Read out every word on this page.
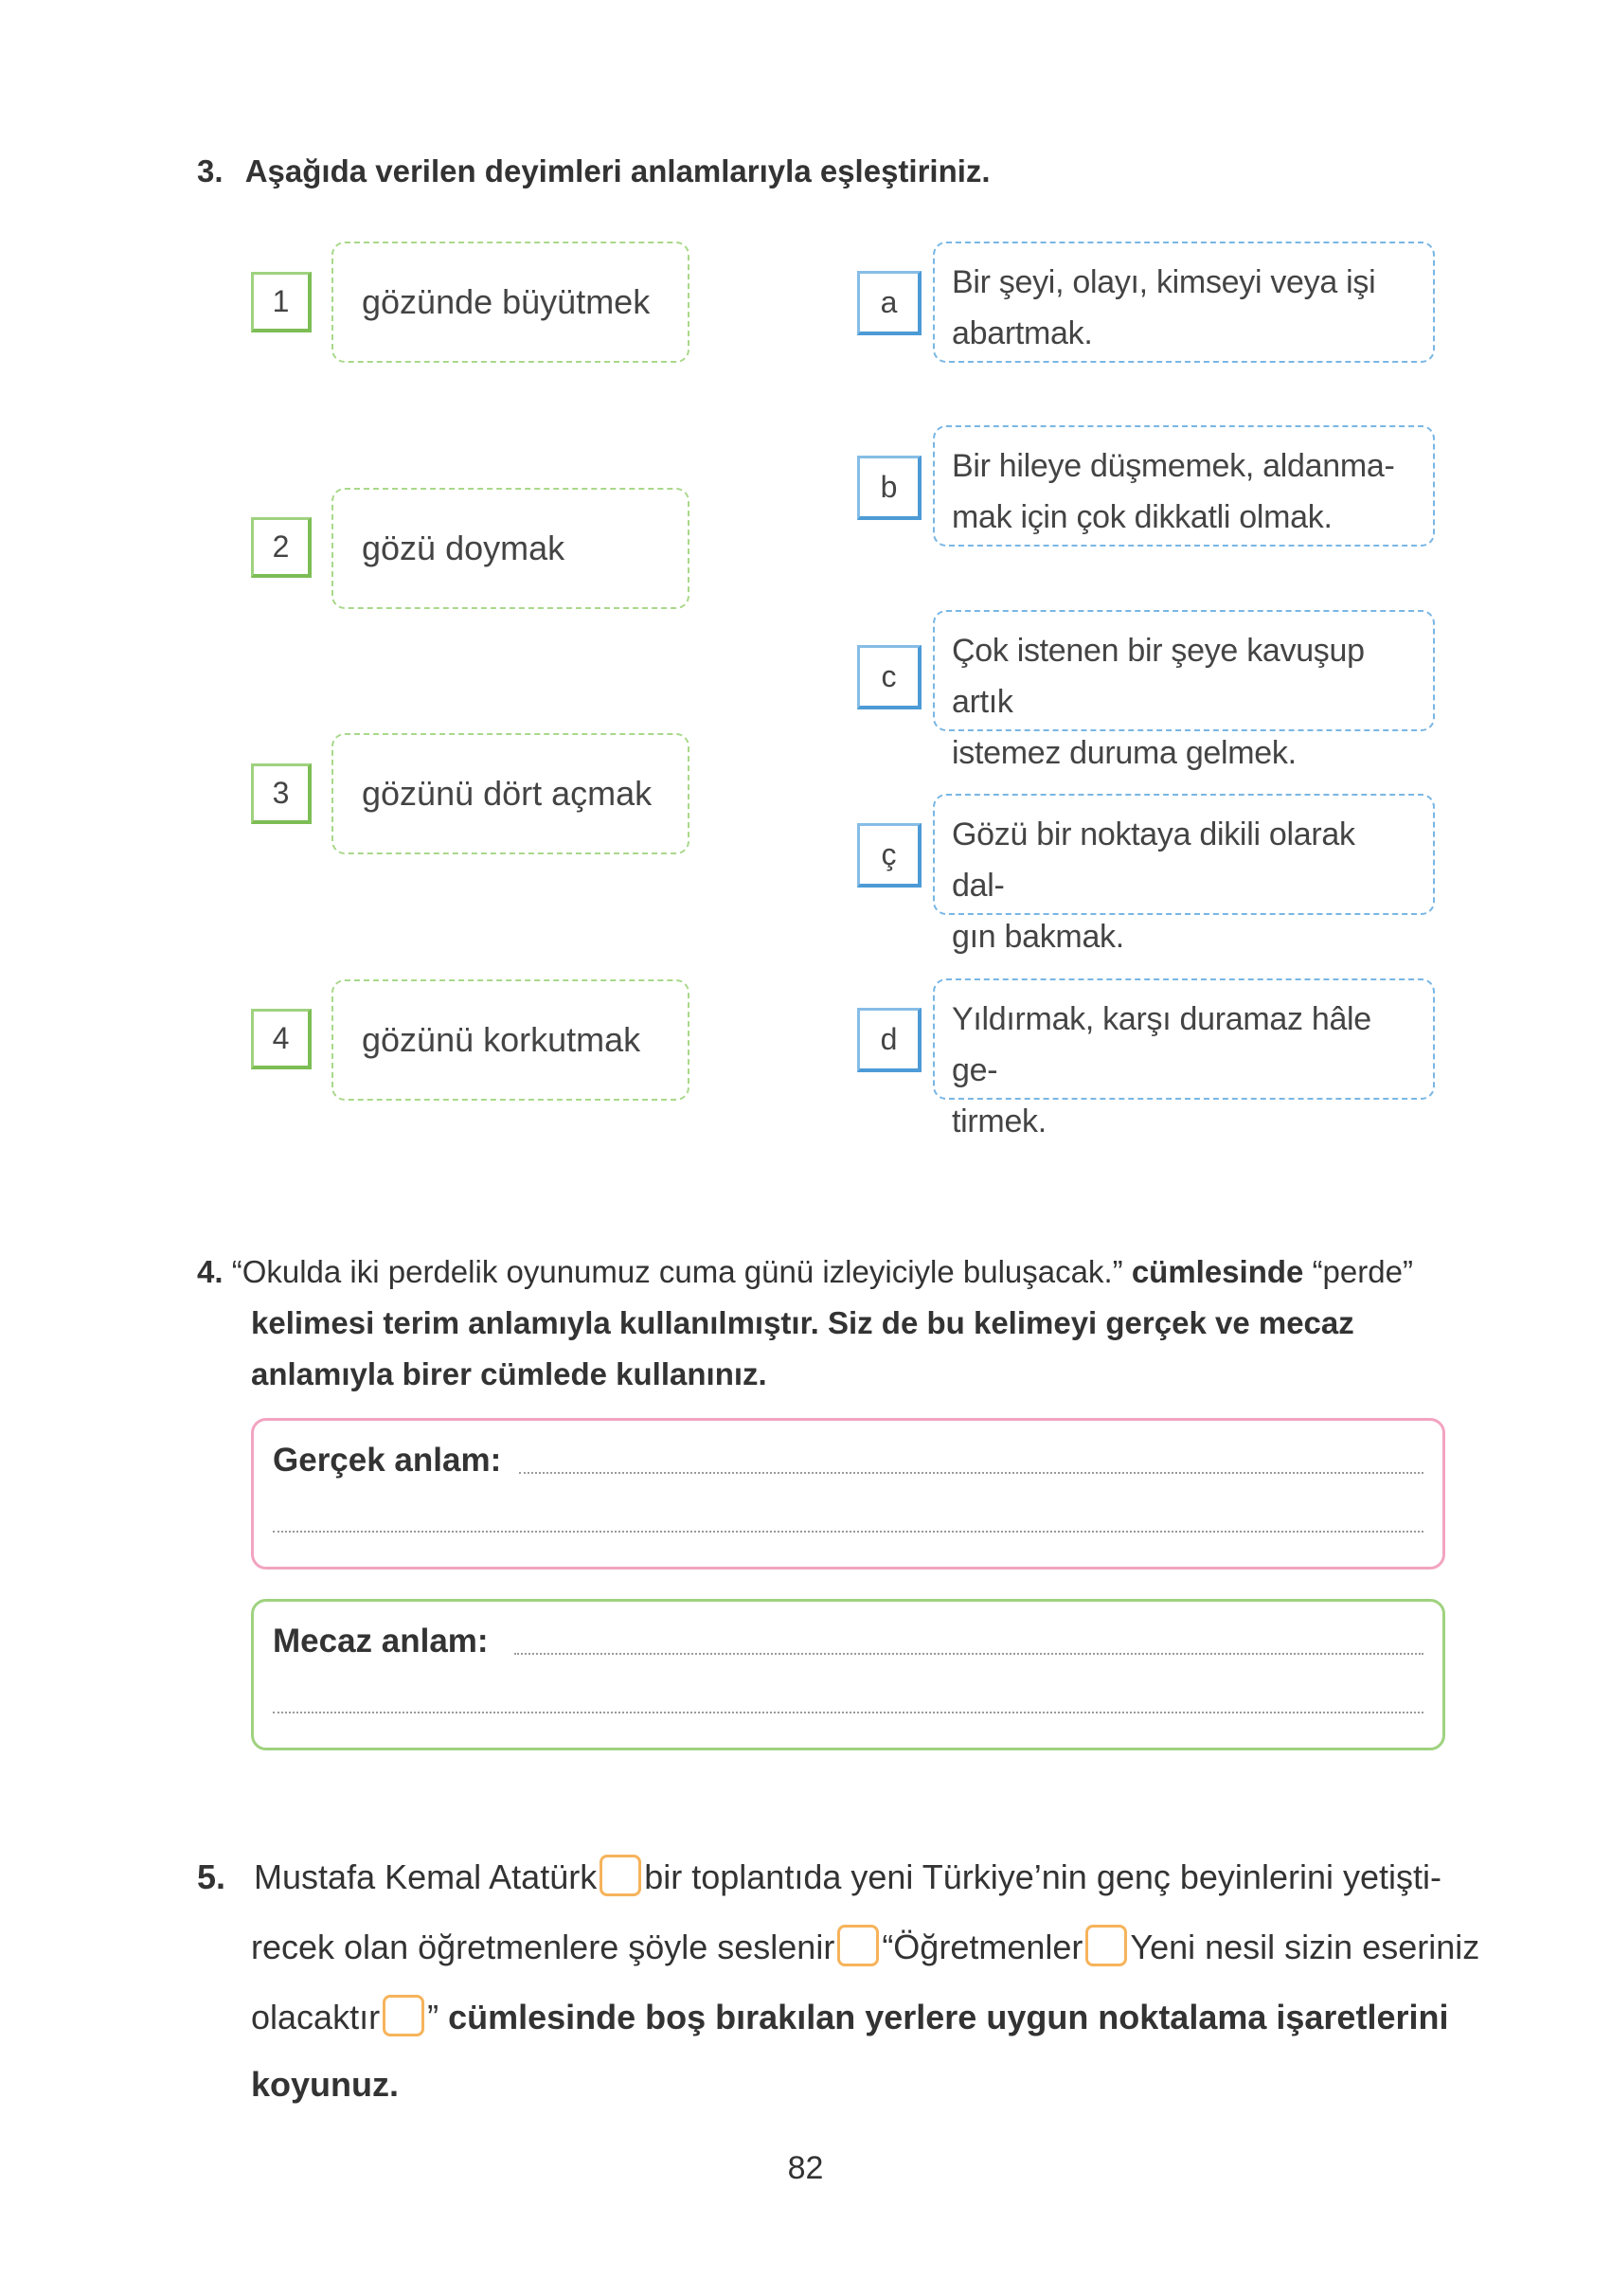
3. Aşağıda verilen deyimleri anlamlarıyla eşleştiriniz.
1	gözünde büyütmek
2	gözü doymak
3	gözünü dört açmak
4	gözünü korkutmak
a
Bir şeyi, olayı, kimseyi veya işi
abartmak.
b
Bir hileye düşmemek, aldanma-
mak için çok dikkatli olmak.
c
Çok istenen bir şeye kavuşup artık
istemez duruma gelmek.
ç
Gözü bir noktaya dikili olarak dal-
gın bakmak.
d
Yıldırmak, karşı duramaz hâle ge-
tirmek.
4. “Okulda iki perdelik oyunumuz cuma günü izleyiciyle buluşacak.” cümlesinde “perde”
kelimesi terim anlamıyla kullanılmıştır. Siz de bu kelimeyi gerçek ve mecaz
anlamıyla birer cümlede kullanınız.
Gerçek anlam:
Mecaz anlam:
5. Mustafa Kemal Atatürk bir toplantıda yeni Türkiye’nin genç beyinlerini yetişti-
recek olan öğretmenlere şöyle seslenir “Öğretmenler Yeni nesil sizin eseriniz
olacaktır ” cümlesinde boş bırakılan yerlere uygun noktalama işaretlerini
koyunuz.
82
